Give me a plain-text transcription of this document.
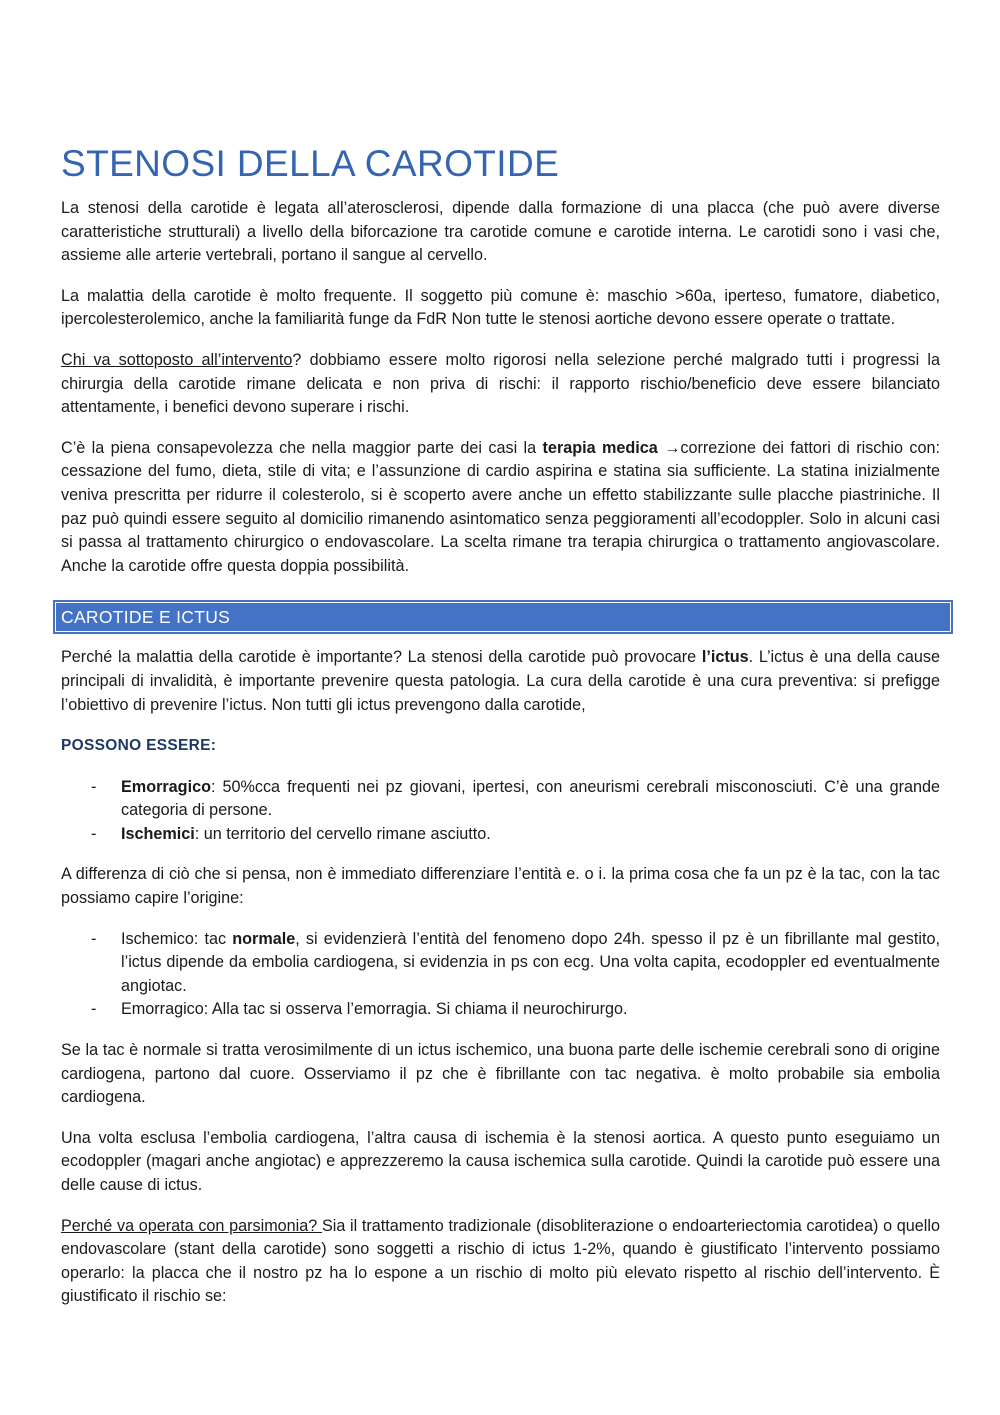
STENOSI DELLA CAROTIDE

La stenosi della carotide è legata all’aterosclerosi, dipende dalla formazione di una placca (che può avere diverse caratteristiche strutturali) a livello della biforcazione tra carotide comune e carotide interna. Le carotidi sono i vasi che, assieme alle arterie vertebrali, portano il sangue al cervello.

La malattia della carotide è molto frequente. Il soggetto più comune è: maschio >60a, iperteso, fumatore, diabetico, ipercolesterolemico, anche la familiarità funge da FdR Non tutte le stenosi aortiche devono essere operate o trattate.

Chi va sottoposto all’intervento? dobbiamo essere molto rigorosi nella selezione perché malgrado tutti i progressi la chirurgia della carotide rimane delicata e non priva di rischi: il rapporto rischio/beneficio deve essere bilanciato attentamente, i benefici devono superare i rischi.

C’è la piena consapevolezza che nella maggior parte dei casi la terapia medica →correzione dei fattori di rischio con: cessazione del fumo, dieta, stile di vita; e l’assunzione di cardio aspirina e statina sia sufficiente. La statina inizialmente veniva prescritta per ridurre il colesterolo, si è scoperto avere anche un effetto stabilizzante sulle placche piastriniche. Il paz può quindi essere seguito al domicilio rimanendo asintomatico senza peggioramenti all’ecodoppler. Solo in alcuni casi si passa al trattamento chirurgico o endovascolare. La scelta rimane tra terapia chirurgica o trattamento angiovascolare. Anche la carotide offre questa doppia possibilità.

CAROTIDE E ICTUS

Perché la malattia della carotide è importante? La stenosi della carotide può provocare l’ictus. L’ictus è una della cause principali di invalidità, è importante prevenire questa patologia. La cura della carotide è una cura preventiva: si prefigge l’obiettivo di prevenire l’ictus. Non tutti gli ictus prevengono dalla carotide,

POSSONO ESSERE:
- Emorragico: 50%cca frequenti nei pz giovani, ipertesi, con aneurismi cerebrali misconosciuti. C’è una grande categoria di persone.
- Ischemici: un territorio del cervello rimane asciutto.

A differenza di ciò che si pensa, non è immediato differenziare l’entità e. o i. la prima cosa che fa un pz è la tac, con la tac possiamo capire l’origine:

- Ischemico: tac normale, si evidenzierà l’entità del fenomeno dopo 24h. spesso il pz è un fibrillante mal gestito, l’ictus dipende da embolia cardiogena, si evidenzia in ps con ecg. Una volta capita, ecodoppler ed eventualmente angiotac.
- Emorragico: Alla tac si osserva l’emorragia. Si chiama il neurochirurgo.

Se la tac è normale si tratta verosimilmente di un ictus ischemico, una buona parte delle ischemie cerebrali sono di origine cardiogena, partono dal cuore. Osserviamo il pz che è fibrillante con tac negativa. è molto probabile sia embolia cardiogena.

Una volta esclusa l’embolia cardiogena, l’altra causa di ischemia è la stenosi aortica. A questo punto eseguiamo un ecodoppler (magari anche angiotac) e apprezzeremo la causa ischemica sulla carotide. Quindi la carotide può essere una delle cause di ictus.

Perché va operata con parsimonia? Sia il trattamento tradizionale (disobliterazione o endoarteriectomia carotidea) o quello endovascolare (stant della carotide) sono soggetti a rischio di ictus 1-2%, quando è giustificato l’intervento possiamo operarlo: la placca che il nostro pz ha lo espone a un rischio di molto più elevato rispetto al rischio dell’intervento. È giustificato il rischio se:
